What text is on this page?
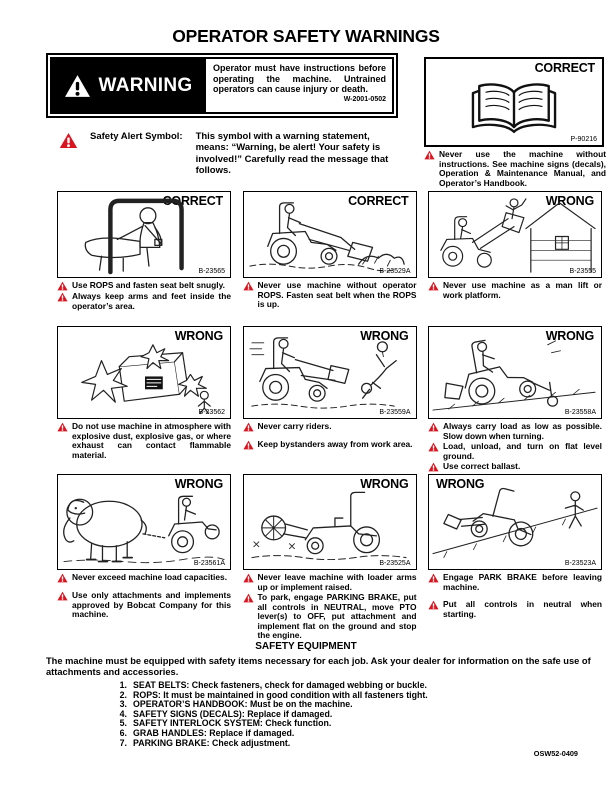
OPERATOR SAFETY WARNINGS
WARNING
Operator must have instructions before operating the machine. Untrained operators can cause injury or death.
W-2001-0502
Safety Alert Symbol: This symbol with a warning statement, means: “Warning, be alert! Your safety is involved!” Carefully read the message that follows.
CORRECT
P-90216
Never use the machine without instructions. See machine signs (decals), Operation & Maintenance Manual, and Operator’s Handbook.
CORRECT
B-23565
Use ROPS and fasten seat belt snugly.
Always keep arms and feet inside the operator’s area.
CORRECT
B-23529A
Never use machine without operator ROPS. Fasten seat belt when the ROPS is up.
WRONG
B-23555
Never use machine as a man lift or work platform.
WRONG
B-23562
Do not use machine in atmosphere with explosive dust, explosive gas, or where exhaust can contact flammable material.
WRONG
B-23559A
Never carry riders.
Keep bystanders away from work area.
WRONG
B-23558A
Always carry load as low as possible. Slow down when turning.
Load, unload, and turn on flat level ground.
Use correct ballast.
WRONG
B-23561A
Never exceed machine load capacities.
Use only attachments and implements approved by Bobcat Company for this machine.
WRONG
B-23525A
Never leave machine with loader arms up or implement raised.
To park, engage PARKING BRAKE, put all controls in NEUTRAL, move PTO lever(s) to OFF, put attachment and implement flat on the ground and stop the engine.
WRONG
B-23523A
Engage PARK BRAKE before leaving machine.
Put all controls in neutral when starting.
SAFETY EQUIPMENT
The machine must be equipped with safety items necessary for each job. Ask your dealer for information on the safe use of attachments and accessories.
1. SEAT BELTS: Check fasteners, check for damaged webbing or buckle.
2. ROPS: It must be maintained in good condition with all fasteners tight.
3. OPERATOR’S HANDBOOK: Must be on the machine.
4. SAFETY SIGNS (DECALS): Replace if damaged.
5. SAFETY INTERLOCK SYSTEM: Check function.
6. GRAB HANDLES: Replace if damaged.
7. PARKING BRAKE: Check adjustment.
OSW52-0409
